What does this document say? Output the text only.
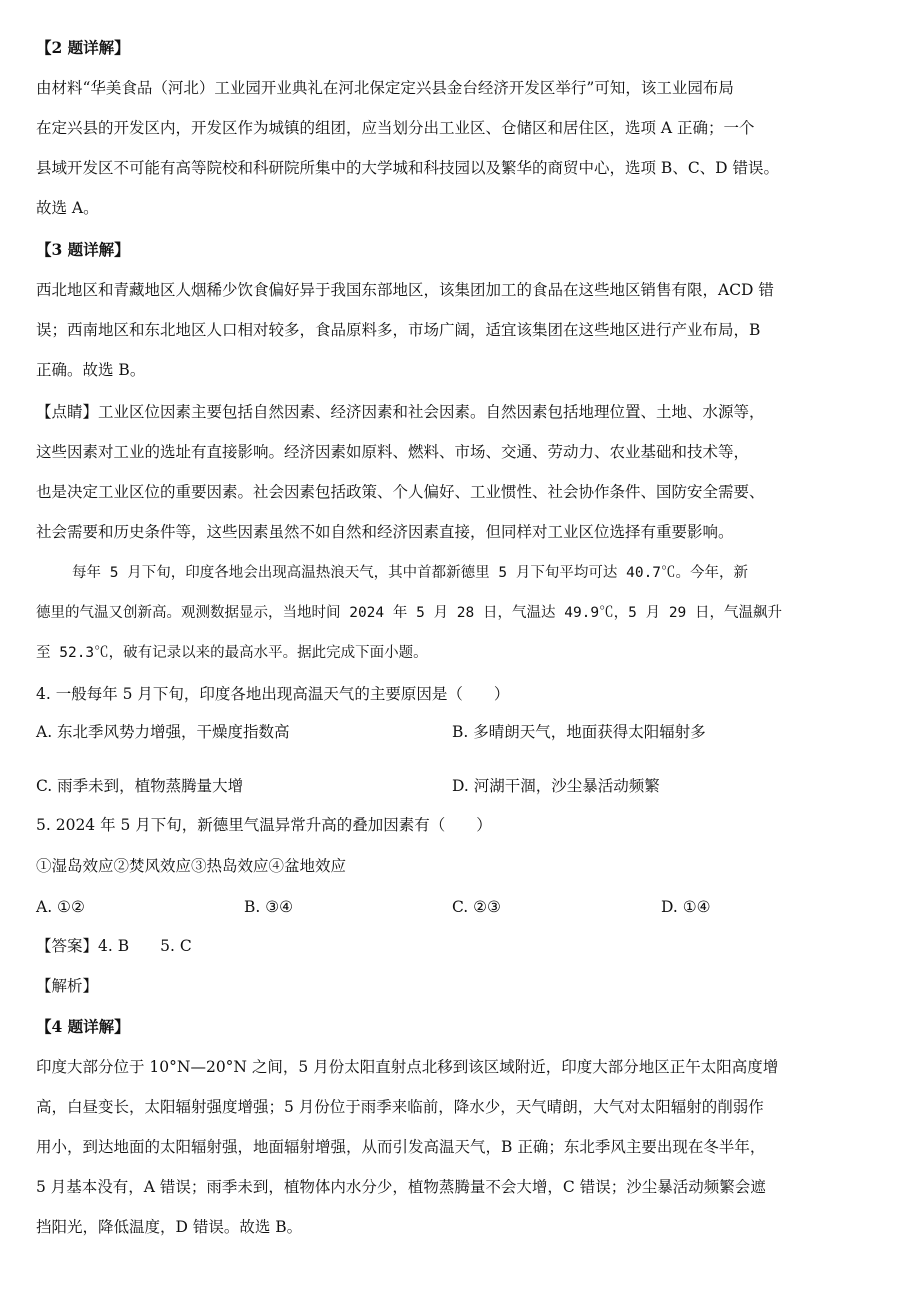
【2 题详解】
由材料“华美食品（河北）工业园开业典礼在河北保定定兴县金台经济开发区举行”可知，该工业园布局
在定兴县的开发区内，开发区作为城镇的组团，应当划分出工业区、仓储区和居住区，选项 A 正确；一个
县域开发区不可能有高等院校和科研院所集中的大学城和科技园以及繁华的商贸中心，选项 B、C、D 错误。
故选 A。
【3 题详解】
西北地区和青藏地区人烟稀少饮食偏好异于我国东部地区，该集团加工的食品在这些地区销售有限，ACD 错
误；西南地区和东北地区人口相对较多，食品原料多，市场广阔，适宜该集团在这些地区进行产业布局，B
正确。故选 B。
【点睛】工业区位因素主要包括自然因素、经济因素和社会因素。自然因素包括地理位置、土地、水源等，
这些因素对工业的选址有直接影响。经济因素如原料、燃料、市场、交通、劳动力、农业基础和技术等，
也是决定工业区位的重要因素。社会因素包括政策、个人偏好、工业惯性、社会协作条件、国防安全需要、
社会需要和历史条件等，这些因素虽然不如自然和经济因素直接，但同样对工业区位选择有重要影响。
每年 5 月下旬，印度各地会出现高温热浪天气，其中首都新德里 5 月下旬平均可达 40.7℃。今年，新
德里的气温又创新高。观测数据显示，当地时间 2024 年 5 月 28 日，气温达 49.9℃，5 月 29 日，气温飙升
至 52.3℃，破有记录以来的最高水平。据此完成下面小题。
4. 一般每年 5 月下旬，印度各地出现高温天气的主要原因是（　　）
A. 东北季风势力增强，干燥度指数高	B. 多晴朗天气，地面获得太阳辐射多
C. 雨季未到，植物蒸腾量大增	D. 河湖干涸，沙尘暴活动频繁
5. 2024 年 5 月下旬，新德里气温异常升高的叠加因素有（　　）
①湿岛效应②焚风效应③热岛效应④盆地效应
A. ①②	B. ③④	C. ②③	D. ①④
【答案】4. B　　5. C
【解析】
【4 题详解】
印度大部分位于 10°N—20°N 之间，5 月份太阳直射点北移到该区域附近，印度大部分地区正午太阳高度增
高，白昼变长，太阳辐射强度增强；5 月份位于雨季来临前，降水少，天气晴朗，大气对太阳辐射的削弱作
用小，到达地面的太阳辐射强，地面辐射增强，从而引发高温天气，B 正确；东北季风主要出现在冬半年，
5 月基本没有，A 错误；雨季未到，植物体内水分少，植物蒸腾量不会大增，C 错误；沙尘暴活动频繁会遮
挡阳光，降低温度，D 错误。故选 B。
